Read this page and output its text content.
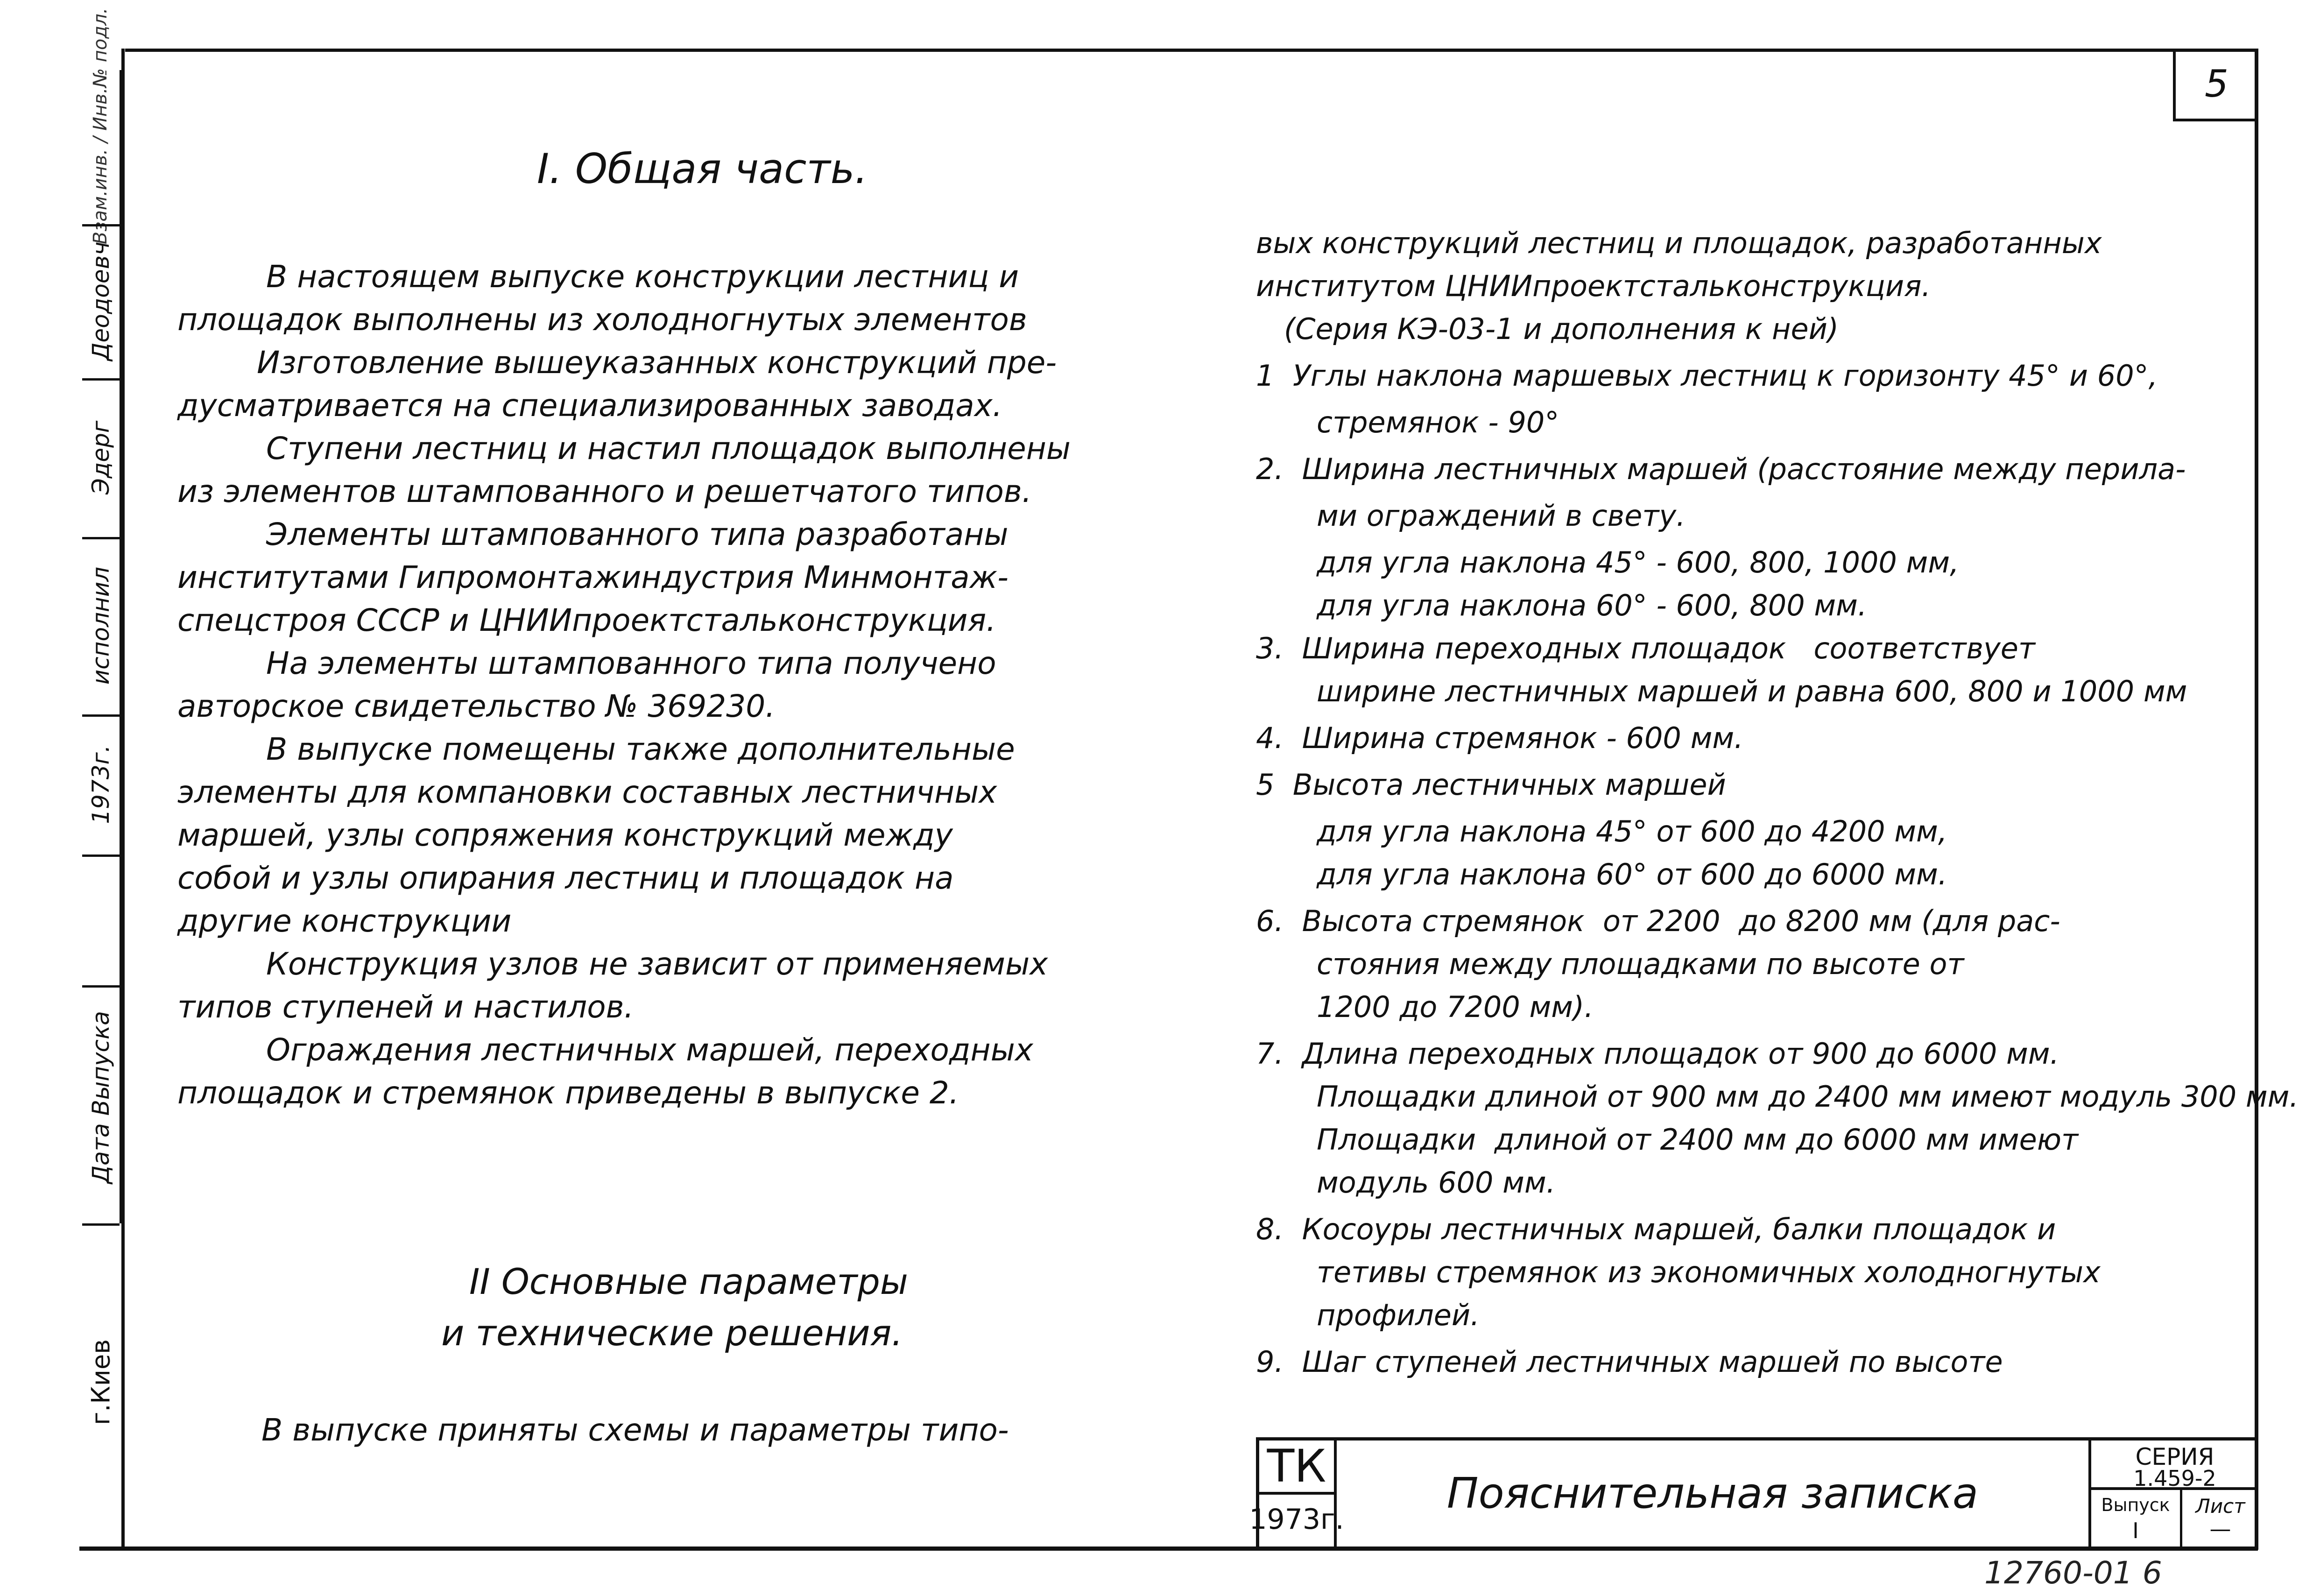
5
Взам.инв. / Инв.№ подл.
Деодоевч
Эдерг
исполнил
1973г.
Дата Выпуска
г.Киев
I. Общая часть.
В настоящем выпуске конструкции лестниц и
площадок выполнены из холодногнутых элементов
Изготовление вышеуказанных конструкций пре-
дусматривается на специализированных заводах.
Ступени лестниц и настил площадок выполнены
из элементов штампованного и решетчатого типов.
Элементы штампованного типа разработаны
институтами Гипромонтажиндустрия Минмонтаж-
спецстроя СССР и ЦНИИпроектстальконструкция.
На элементы штампованного типа получено
авторское свидетельство № 369230.
В выпуске помещены также дополнительные
элементы для компановки составных лестничных
маршей, узлы сопряжения конструкций между
собой и узлы опирания лестниц и площадок на
другие конструкции
Конструкция узлов не зависит от применяемых
типов ступеней и настилов.
Ограждения лестничных маршей, переходных
площадок и стремянок приведены в выпуске 2.
II Основные параметры
и технические решения.
В выпуске приняты схемы и параметры типо-
вых конструкций лестниц и площадок, разработанных
институтом ЦНИИпроектстальконструкция.
(Серия КЭ-03-1 и дополнения к ней)
1  Углы наклона маршевых лестниц к горизонту 45° и 60°,
стремянок - 90°
2.  Ширина лестничных маршей (расстояние между перила-
ми ограждений в свету.
для угла наклона 45° - 600, 800, 1000 мм,
для угла наклона 60° - 600, 800 мм.
3.  Ширина переходных площадок   соответствует
ширине лестничных маршей и равна 600, 800 и 1000 мм
4.  Ширина стремянок - 600 мм.
5  Высота лестничных маршей
для угла наклона 45° от 600 до 4200 мм,
для угла наклона 60° от 600 до 6000 мм.
6.  Высота стремянок  от 2200  до 8200 мм (для рас-
стояния между площадками по высоте от
1200 до 7200 мм).
7.  Длина переходных площадок от 900 до 6000 мм.
Площадки длиной от 900 мм до 2400 мм имеют модуль 300 мм.
Площадки  длиной от 2400 мм до 6000 мм имеют
модуль 600 мм.
8.  Косоуры лестничных маршей, балки площадок и
тетивы стремянок из экономичных холодногнутых
профилей.
9.  Шаг ступеней лестничных маршей по высоте
ТК
1973г.
Пояснительная записка
СЕРИЯ
1.459-2
Выпуск
I
Лист
—
12760-01 6
